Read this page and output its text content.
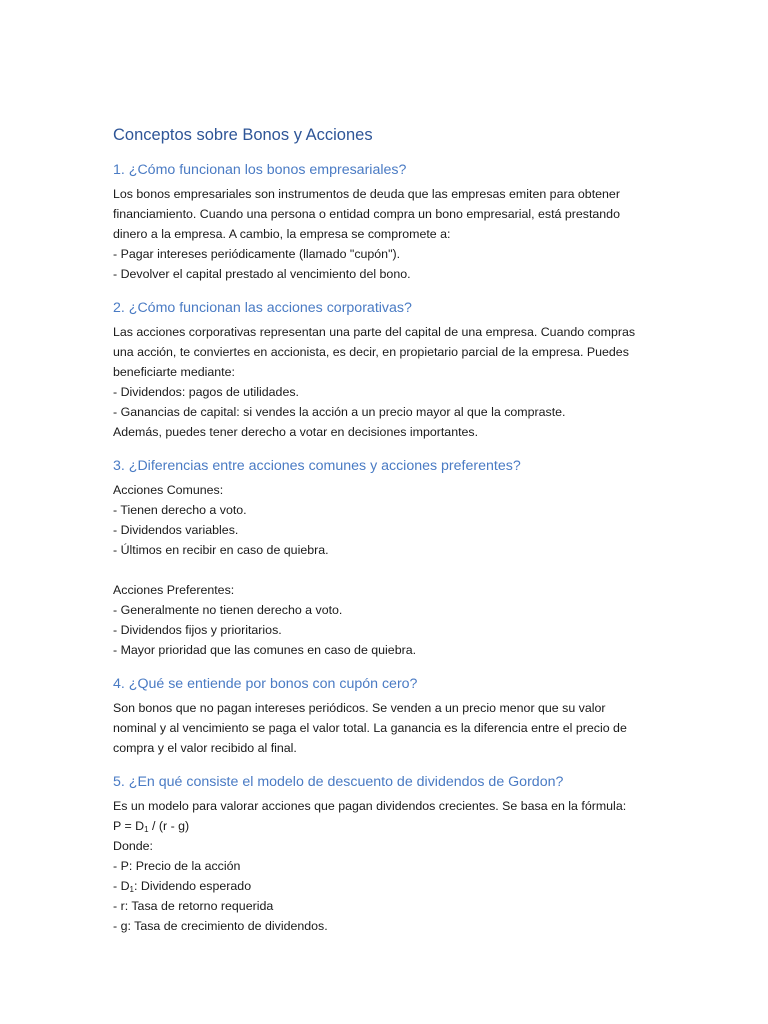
Conceptos sobre Bonos y Acciones
1. ¿Cómo funcionan los bonos empresariales?

Los bonos empresariales son instrumentos de deuda que las empresas emiten para obtener

financiamiento. Cuando una persona o entidad compra un bono empresarial, está prestando

dinero a la empresa. A cambio, la empresa se compromete a:

- Pagar intereses periódicamente (llamado "cupón").

- Devolver el capital prestado al vencimiento del bono.

2. ¿Cómo funcionan las acciones corporativas?

Las acciones corporativas representan una parte del capital de una empresa. Cuando compras

una acción, te conviertes en accionista, es decir, en propietario parcial de la empresa. Puedes

beneficiarte mediante:

- Dividendos: pagos de utilidades.

- Ganancias de capital: si vendes la acción a un precio mayor al que la compraste.

Además, puedes tener derecho a votar en decisiones importantes.

3. ¿Diferencias entre acciones comunes y acciones preferentes?

Acciones Comunes:

- Tienen derecho a voto.

- Dividendos variables.

- Últimos en recibir en caso de quiebra.

Acciones Preferentes:

- Generalmente no tienen derecho a voto.

- Dividendos fijos y prioritarios.

- Mayor prioridad que las comunes en caso de quiebra.

4. ¿Qué se entiende por bonos con cupón cero?

Son bonos que no pagan intereses periódicos. Se venden a un precio menor que su valor

nominal y al vencimiento se paga el valor total. La ganancia es la diferencia entre el precio de

compra y el valor recibido al final.

5. ¿En qué consiste el modelo de descuento de dividendos de Gordon?

Es un modelo para valorar acciones que pagan dividendos crecientes. Se basa en la fórmula:

$P = D_1 / (r - g)$

Donde:

- P: Precio de la acción

- $D_1$: Dividendo esperado

- r: Tasa de retorno requerida

- g: Tasa de crecimiento de dividendos.
